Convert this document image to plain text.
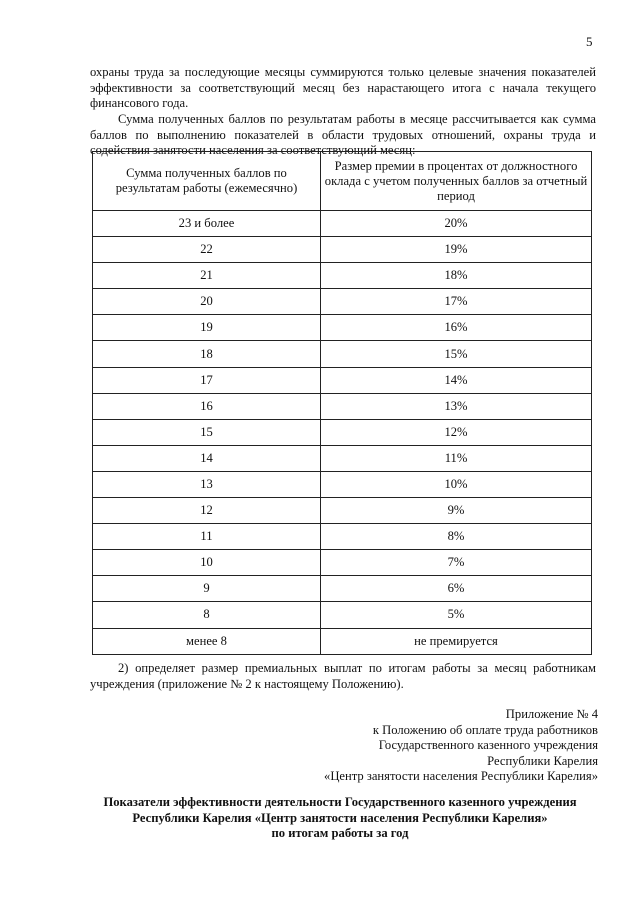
5
охраны труда за последующие месяцы суммируются только целевые значения показателей эффективности за соответствующий месяц без нарастающего итога с начала текущего финансового года.
Сумма полученных баллов по результатам работы в месяце рассчитывается как сумма баллов по выполнению показателей в области трудовых отношений, охраны труда и содействия занятости населения за соответствующий месяц:
Сумма полученных баллов по результатам работы (ежемесячно)	Размер премии в процентах от должностного оклада с учетом полученных баллов за отчетный период
23 и более	20%
22	19%
21	18%
20	17%
19	16%
18	15%
17	14%
16	13%
15	12%
14	11%
13	10%
12	9%
11	8%
10	7%
9	6%
8	5%
менее 8	не премируется
2) определяет размер премиальных выплат по итогам работы за месяц работникам учреждения (приложение № 2 к настоящему Положению).
Приложение № 4
к Положению об оплате труда работников
Государственного казенного учреждения
Республики Карелия
«Центр занятости населения Республики Карелия»
Показатели эффективности деятельности Государственного казенного учреждения
Республики Карелия «Центр занятости населения Республики Карелия»
по итогам работы за год
